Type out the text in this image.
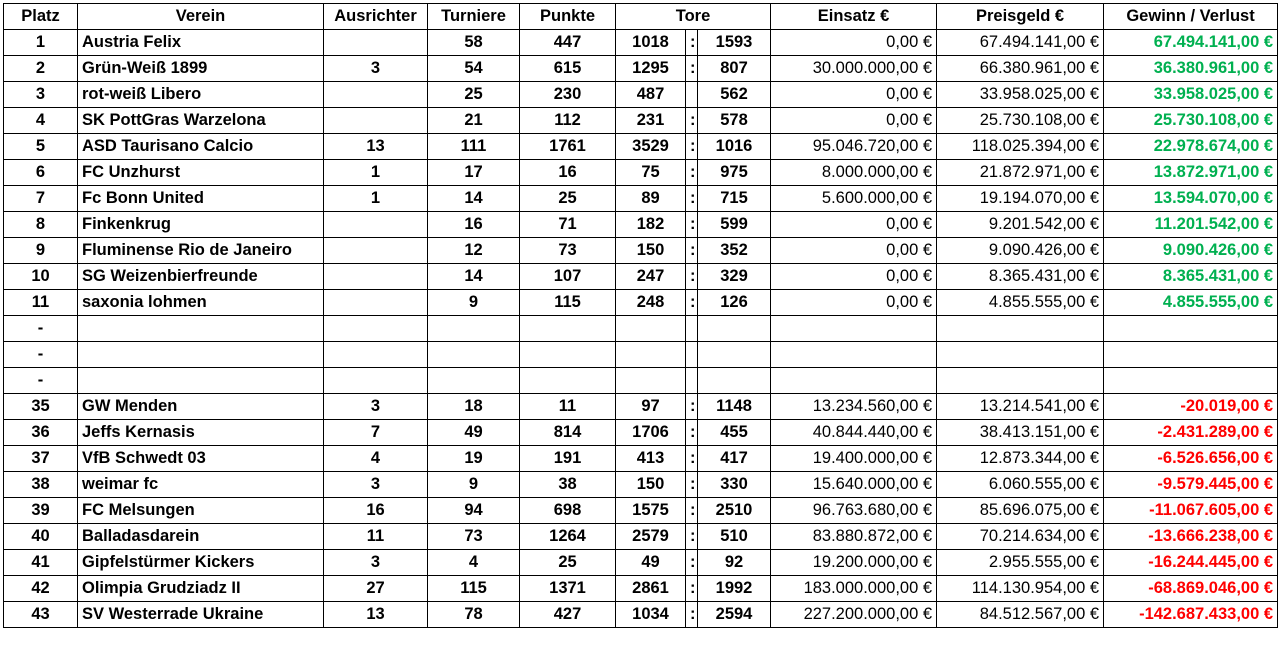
Platz	Verein	Ausrichter	Turniere	Punkte	Tore			Einsatz €	Preisgeld €	Gewinn / Verlust
1	Austria Felix		58	447	1018	:	1593	0,00 €	67.494.141,00 €	67.494.141,00 €
2	Grün-Weiß 1899	3	54	615	1295	:	807	30.000.000,00 €	66.380.961,00 €	36.380.961,00 €
3	rot-weiß Libero		25	230	487		562	0,00 €	33.958.025,00 €	33.958.025,00 €
4	SK PottGras Warzelona		21	112	231	:	578	0,00 €	25.730.108,00 €	25.730.108,00 €
5	ASD Taurisano Calcio	13	111	1761	3529	:	1016	95.046.720,00 €	118.025.394,00 €	22.978.674,00 €
6	FC Unzhurst	1	17	16	75	:	975	8.000.000,00 €	21.872.971,00 €	13.872.971,00 €
7	Fc Bonn United	1	14	25	89	:	715	5.600.000,00 €	19.194.070,00 €	13.594.070,00 €
8	Finkenkrug		16	71	182	:	599	0,00 €	9.201.542,00 €	11.201.542,00 €
9	Fluminense Rio de Janeiro		12	73	150	:	352	0,00 €	9.090.426,00 €	9.090.426,00 €
10	SG Weizenbierfreunde		14	107	247	:	329	0,00 €	8.365.431,00 €	8.365.431,00 €
11	saxonia lohmen		9	115	248	:	126	0,00 €	4.855.555,00 €	4.855.555,00 €
-										
-										
-										
35	GW Menden	3	18	11	97	:	1148	13.234.560,00 €	13.214.541,00 €	-20.019,00 €
36	Jeffs Kernasis	7	49	814	1706	:	455	40.844.440,00 €	38.413.151,00 €	-2.431.289,00 €
37	VfB Schwedt 03	4	19	191	413	:	417	19.400.000,00 €	12.873.344,00 €	-6.526.656,00 €
38	weimar fc	3	9	38	150	:	330	15.640.000,00 €	6.060.555,00 €	-9.579.445,00 €
39	FC Melsungen	16	94	698	1575	:	2510	96.763.680,00 €	85.696.075,00 €	-11.067.605,00 €
40	Balladasdarein	11	73	1264	2579	:	510	83.880.872,00 €	70.214.634,00 €	-13.666.238,00 €
41	Gipfelstürmer Kickers	3	4	25	49	:	92	19.200.000,00 €	2.955.555,00 €	-16.244.445,00 €
42	Olimpia Grudziadz II	27	115	1371	2861	:	1992	183.000.000,00 €	114.130.954,00 €	-68.869.046,00 €
43	SV Westerrade Ukraine	13	78	427	1034	:	2594	227.200.000,00 €	84.512.567,00 €	-142.687.433,00 €
